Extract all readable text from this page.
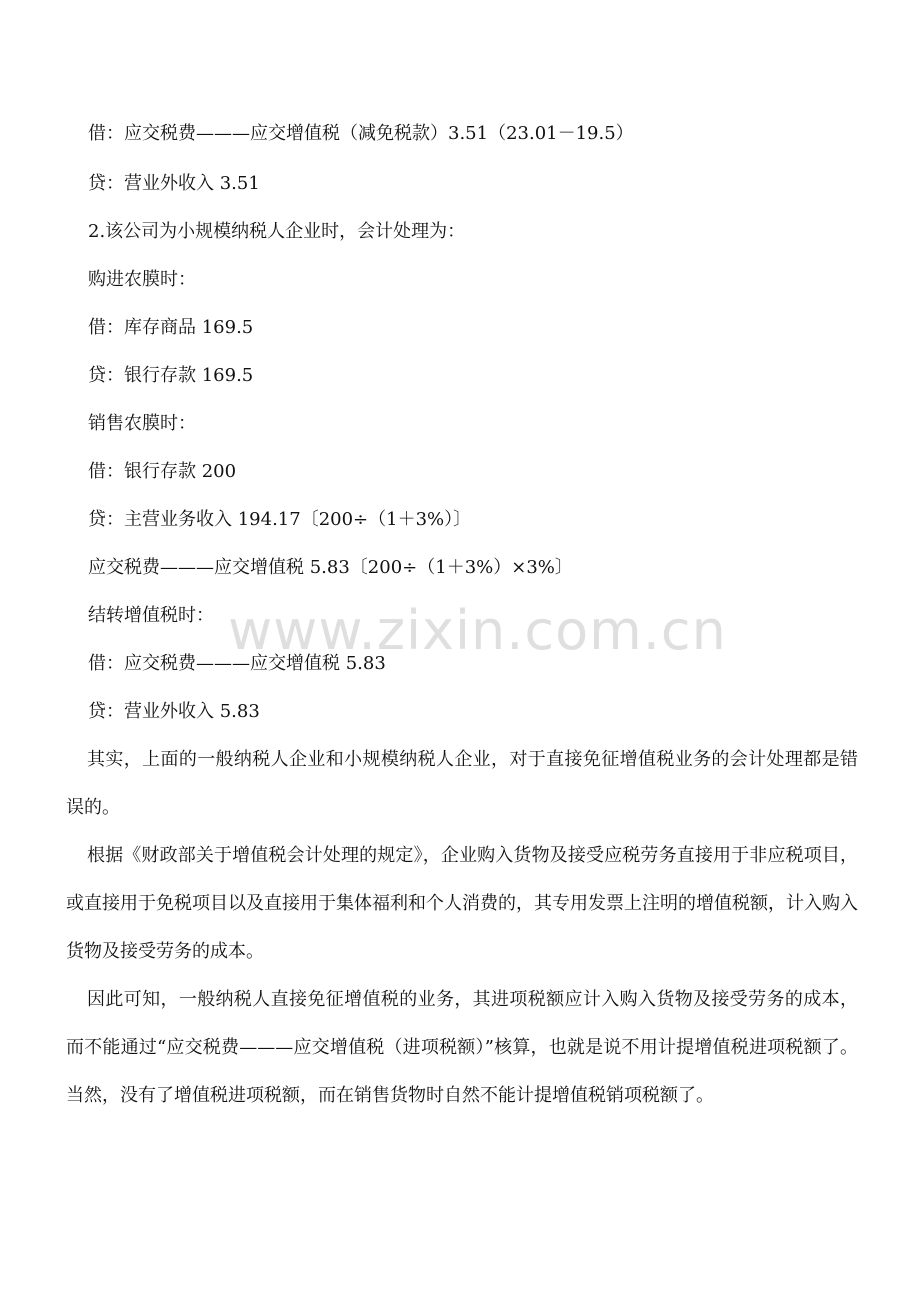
借：应交税费———应交增值税（减免税款）3.51（23.01－19.5）
贷：营业外收入 3.51
2.该公司为小规模纳税人企业时，会计处理为：
购进农膜时：
借：库存商品 169.5
贷：银行存款 169.5
销售农膜时：
借：银行存款 200
贷：主营业务收入 194.17〔200÷（1＋3%）〕
应交税费———应交增值税 5.83〔200÷（1＋3%）×3%〕
结转增值税时：
借：应交税费———应交增值税 5.83
贷：营业外收入 5.83
其实，上面的一般纳税人企业和小规模纳税人企业，对于直接免征增值税业务的会计处理都是错误的。
根据《财政部关于增值税会计处理的规定》，企业购入货物及接受应税劳务直接用于非应税项目，或直接用于免税项目以及直接用于集体福利和个人消费的，其专用发票上注明的增值税额，计入购入货物及接受劳务的成本。
因此可知，一般纳税人直接免征增值税的业务，其进项税额应计入购入货物及接受劳务的成本，而不能通过“应交税费———应交增值税（进项税额）”核算，也就是说不用计提增值税进项税额了。当然，没有了增值税进项税额，而在销售货物时自然不能计提增值税销项税额了。
www.zixin.com.cn
